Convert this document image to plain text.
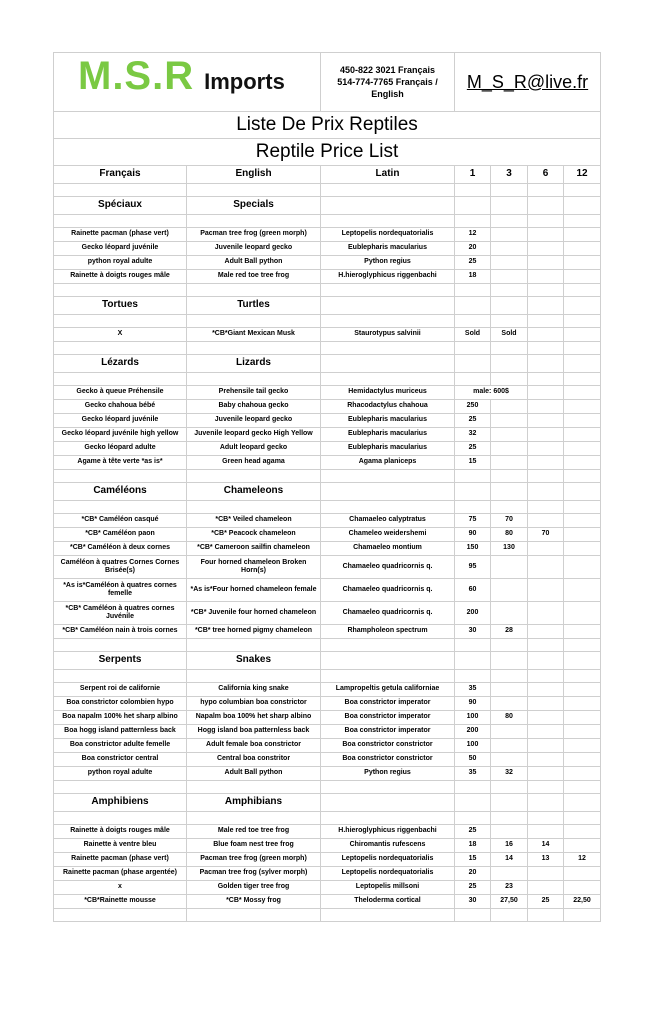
M.S.R Imports		450-822 3021 Français
514-774-7765 Français / English	M_S_R@live.fr			
Liste De Prix Reptiles						
Reptile Price List						
Français	English	Latin	1	3	6	12

Spéciaux	Specials					

Rainette pacman (phase vert)	Pacman tree frog (green morph)	Leptopelis nordequatorialis	12			
Gecko léopard juvénile	Juvenile leopard gecko	Eublepharis macularius	20			
python royal adulte	Adult Ball python	Python regius	25			
Rainette à doigts rouges mâle	Male red toe tree frog	H.hieroglyphicus riggenbachi	18			

Tortues	Turtles					

X	*CB*Giant Mexican Musk	Staurotypus salvinii	Sold	Sold		

Lézards	Lizards					

Gecko à queue Préhensile	Prehensile tail gecko	Hemidactylus muriceus	male: 600$			
Gecko chahoua bébé	Baby chahoua gecko	Rhacodactylus chahoua	250			
Gecko léopard juvénile	Juvenile leopard gecko	Eublepharis macularius	25			
Gecko léopard juvénile high yellow	Juvenile leopard gecko High Yellow	Eublepharis macularius	32			
Gecko léopard adulte	Adult leopard gecko	Eublepharis macularius	25			
Agame à tête verte *as is*	Green head agama	Agama planiceps	15			

Caméléons	Chameleons					

*CB* Caméléon casqué	*CB* Veiled chameleon	Chamaeleo calyptratus	75	70		
*CB* Caméléon paon	*CB* Peacock chameleon	Chameleo weidershemi	90	80	70	
*CB* Caméléon à deux cornes	*CB* Cameroon sailfin chameleon	Chamaeleo montium	150	130		
Caméléon à quatres Cornes Cornes Brisée(s)	Four horned chameleon Broken Horn(s)	Chamaeleo quadricornis q.	95			
*As is*Caméléon à quatres cornes femelle	*As is*Four horned chameleon female	Chamaeleo quadricornis q.	60			
*CB* Caméléon à quatres cornes Juvénile	*CB* Juvenile four horned chameleon	Chamaeleo quadricornis q.	200			
*CB* Caméléon nain à trois cornes	*CB* tree horned pigmy chameleon	Rhampholeon spectrum	30	28		

Serpents	Snakes					

Serpent roi de californie	California king snake	Lampropeltis getula californiae	35			
Boa constrictor colombien hypo	hypo columbian boa constrictor	Boa constrictor imperator	90			
Boa napalm 100% het sharp albino	Napalm boa 100% het sharp albino	Boa constrictor imperator	100	80		
Boa hogg island patternless back	Hogg island boa patternless back	Boa constrictor imperator	200			
Boa constrictor adulte femelle	Adult female boa constrictor	Boa constrictor constrictor	100			
Boa constrictor central	Central boa constritor	Boa constrictor constrictor	50			
python royal adulte	Adult Ball python	Python regius	35	32		

Amphibiens	Amphibians					

Rainette à doigts rouges mâle	Male red toe tree frog	H.hieroglyphicus riggenbachi	25			
Rainette à ventre bleu	Blue foam nest tree frog	Chiromantis rufescens	18	16	14	
Rainette pacman (phase vert)	Pacman tree frog (green morph)	Leptopelis nordequatorialis	15	14	13	12
Rainette pacman (phase argentée)	Pacman tree frog (sylver morph)	Leptopelis nordequatorialis	20			
x	Golden tiger tree frog	Leptopelis millsoni	25	23		
*CB*Rainette mousse	*CB* Mossy frog	Theloderma cortical	30	27,50	25	22,50
